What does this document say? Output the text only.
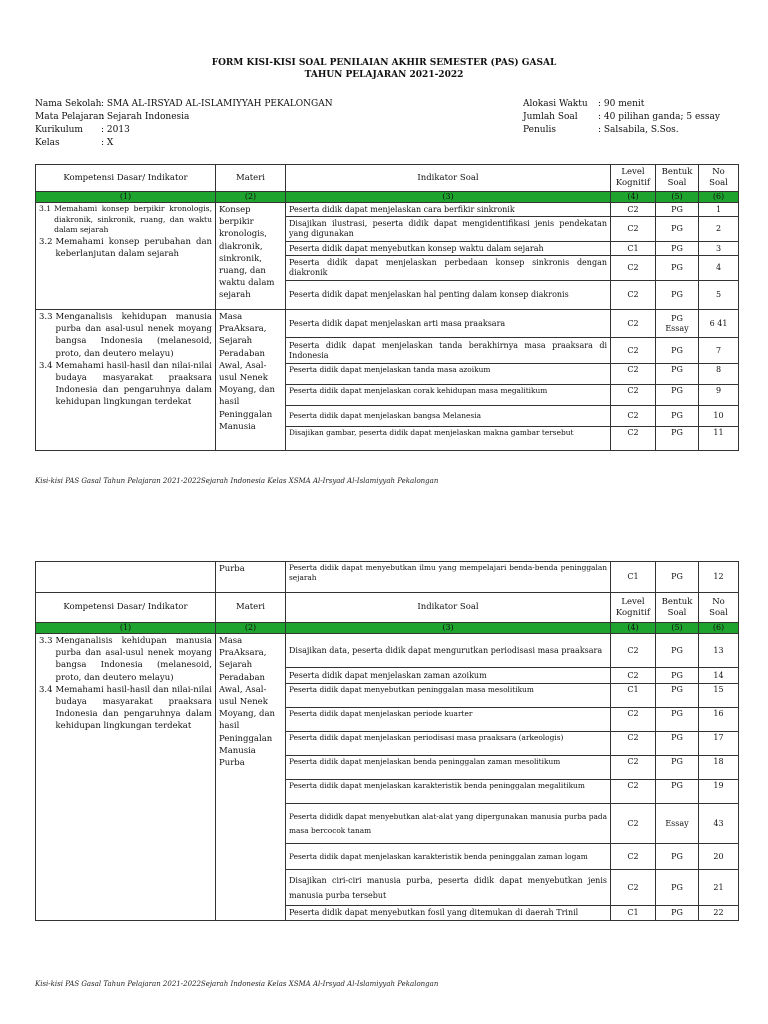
FORM KISI-KISI SOAL PENILAIAN AKHIR SEMESTER (PAS) GASAL
TAHUN PELAJARAN 2021-2022
Nama Sekolah : SMA AL-IRSYAD AL-ISLAMIYYAH PEKALONGAN
Mata Pelajaran
: Sejarah Indonesia
Kurikulum	: 2013
Kelas	: X
Alokasi Waktu	: 90 menit
Jumlah Soal	: 40 pilihan ganda; 5 essay
Penulis	: Salsabila, S.Sos.
Kompetensi Dasar/ Indikator	Materi	Indikator Soal	Level Kognitif	Bentuk Soal	No Soal
(1)	(2)	(3)	(4)	(5)	(6)

3.1 Memahami konsep berpikir kronologis, diakronik, sinkronik, ruang, dan waktu dalam sejarah
3.2 Memahami konsep perubahan dan keberlanjutan dalam sejarah	Konsep berpikir kronologis, diakronik, sinkronik, ruang, dan waktu dalam sejarah	Peserta didik dapat menjelaskan cara berfikir sinkronik	C2	PG	1
		Disajikan ilustrasi, peserta didik dapat mengidentifikasi jenis pendekatan yang digunakan	C2	PG	2
		Peserta didik dapat menyebutkan konsep waktu dalam sejarah	C1	PG	3
		Peserta didik dapat menjelaskan perbedaan konsep sinkronis dengan diakronik	C2	PG	4
		Peserta didik dapat menjelaskan hal penting dalam konsep diakronis	C2	PG	5

3.3 Menganalisis kehidupan manusia purba dan asal-usul nenek moyang bangsa Indonesia (melanesoid, proto, dan deutero melayu)
3.4 Memahami hasil-hasil dan nilai-nilai budaya masyarakat praaksara Indonesia dan pengaruhnya dalam kehidupan lingkungan terdekat	Masa PraAksara, Sejarah Peradaban Awal, Asal-usul Nenek Moyang, dan hasil Peninggalan Manusia	Peserta didik dapat menjelaskan arti masa praaksara	C2	PG Essay	6 41
		Peserta didik dapat menjelaskan tanda berakhirnya masa praaksara di Indonesia	C2	PG	7
		Peserta didik dapat menjelaskan tanda masa azoikum	C2	PG	8
		Peserta didik dapat menjelaskan corak kehidupan masa megalitikum	C2	PG	9
		Peserta didik dapat menjelaskan bangsa Melanesia	C2	PG	10
		Disajikan gambar, peserta didik dapat menjelaskan makna gambar tersebut	C2	PG	11
Kisi-kisi PAS Gasal Tahun Pelajaran 2021-2022Sejarah Indonesia Kelas XSMA Al-Irsyad Al-Islamiyyah Pekalongan
	Purba	Peserta didik dapat menyebutkan ilmu yang mempelajari benda-benda peninggalan sejarah	C1	PG	12
Kompetensi Dasar/ Indikator	Materi	Indikator Soal	Level Kognitif	Bentuk Soal	No Soal
(1)	(2)	(3)	(4)	(5)	(6)

3.3 Menganalisis kehidupan manusia purba dan asal-usul nenek moyang bangsa Indonesia (melanesoid, proto, dan deutero melayu)
3.4 Memahami hasil-hasil dan nilai-nilai budaya masyarakat praaksara Indonesia dan pengaruhnya dalam kehidupan lingkungan terdekat	Masa PraAksara, Sejarah Peradaban Awal, Asal-usul Nenek Moyang, dan hasil Peninggalan Manusia Purba	Disajikan data, peserta didik dapat mengurutkan periodisasi masa praaksara	C2	PG	13
		Peserta didik dapat menjelaskan zaman azoikum	C2	PG	14
		Peserta didik dapat menyebutkan peninggalan masa mesolitikum	C1	PG	15
		Peserta didik dapat menjelaskan periode kuarter	C2	PG	16
		Peserta didik dapat menjelaskan periodisasi masa praaksara (arkeologis)	C2	PG	17
		Peserta didik dapat menjelaskan benda peninggalan zaman mesolitikum	C2	PG	18
		Peserta didik dapat menjelaskan karakteristik benda peninggalan megalitikum	C2	PG	19
		Peserta dididk dapat menyebutkan alat-alat yang dipergunakan manusia purba pada masa bercocok tanam	C2	Essay	43
		Peserta didik dapat menjelaskan karakteristik benda peninggalan zaman logam	C2	PG	20
		Disajikan ciri-ciri manusia purba, peserta didik dapat menyebutkan jenis manusia purba tersebut	C2	PG	21
		Peserta didik dapat menyebutkan fosil yang ditemukan di daerah Trinil	C1	PG	22
Kisi-kisi PAS Gasal Tahun Pelajaran 2021-2022Sejarah Indonesia Kelas XSMA Al-Irsyad Al-Islamiyyah Pekalongan
